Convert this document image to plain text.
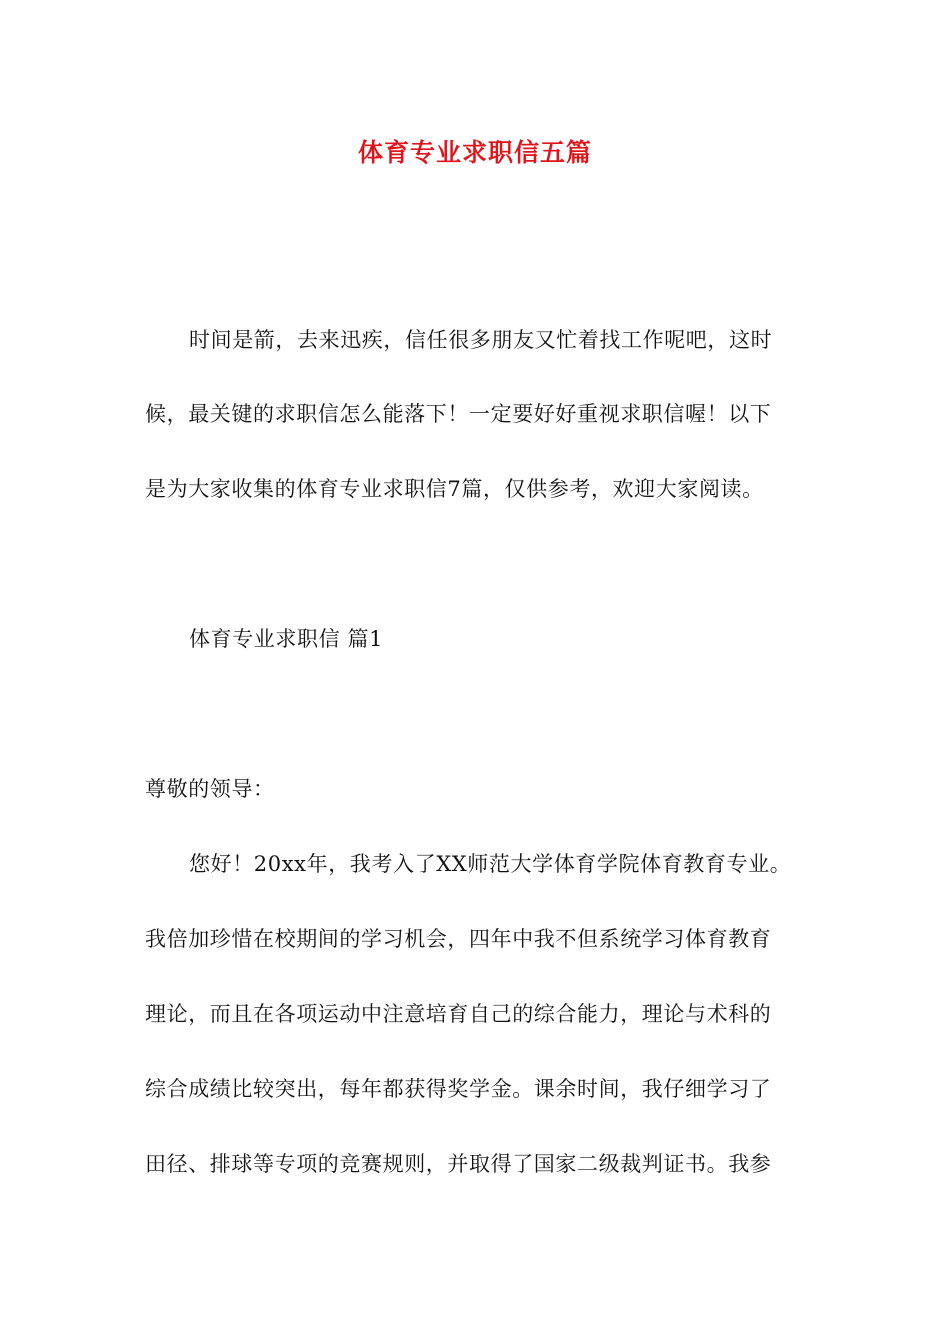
体育专业求职信五篇
时间是箭，去来迅疾，信任很多朋友又忙着找工作呢吧，这时
候，最关键的求职信怎么能落下！一定要好好重视求职信喔！以下
是为大家收集的体育专业求职信7篇，仅供参考，欢迎大家阅读。
体育专业求职信 篇1
尊敬的领导：
您好！20xx年，我考入了XX师范大学体育学院体育教育专业。
我倍加珍惜在校期间的学习机会，四年中我不但系统学习体育教育
理论，而且在各项运动中注意培育自己的综合能力，理论与术科的
综合成绩比较突出，每年都获得奖学金。课余时间，我仔细学习了
田径、排球等专项的竞赛规则，并取得了国家二级裁判证书。我参
